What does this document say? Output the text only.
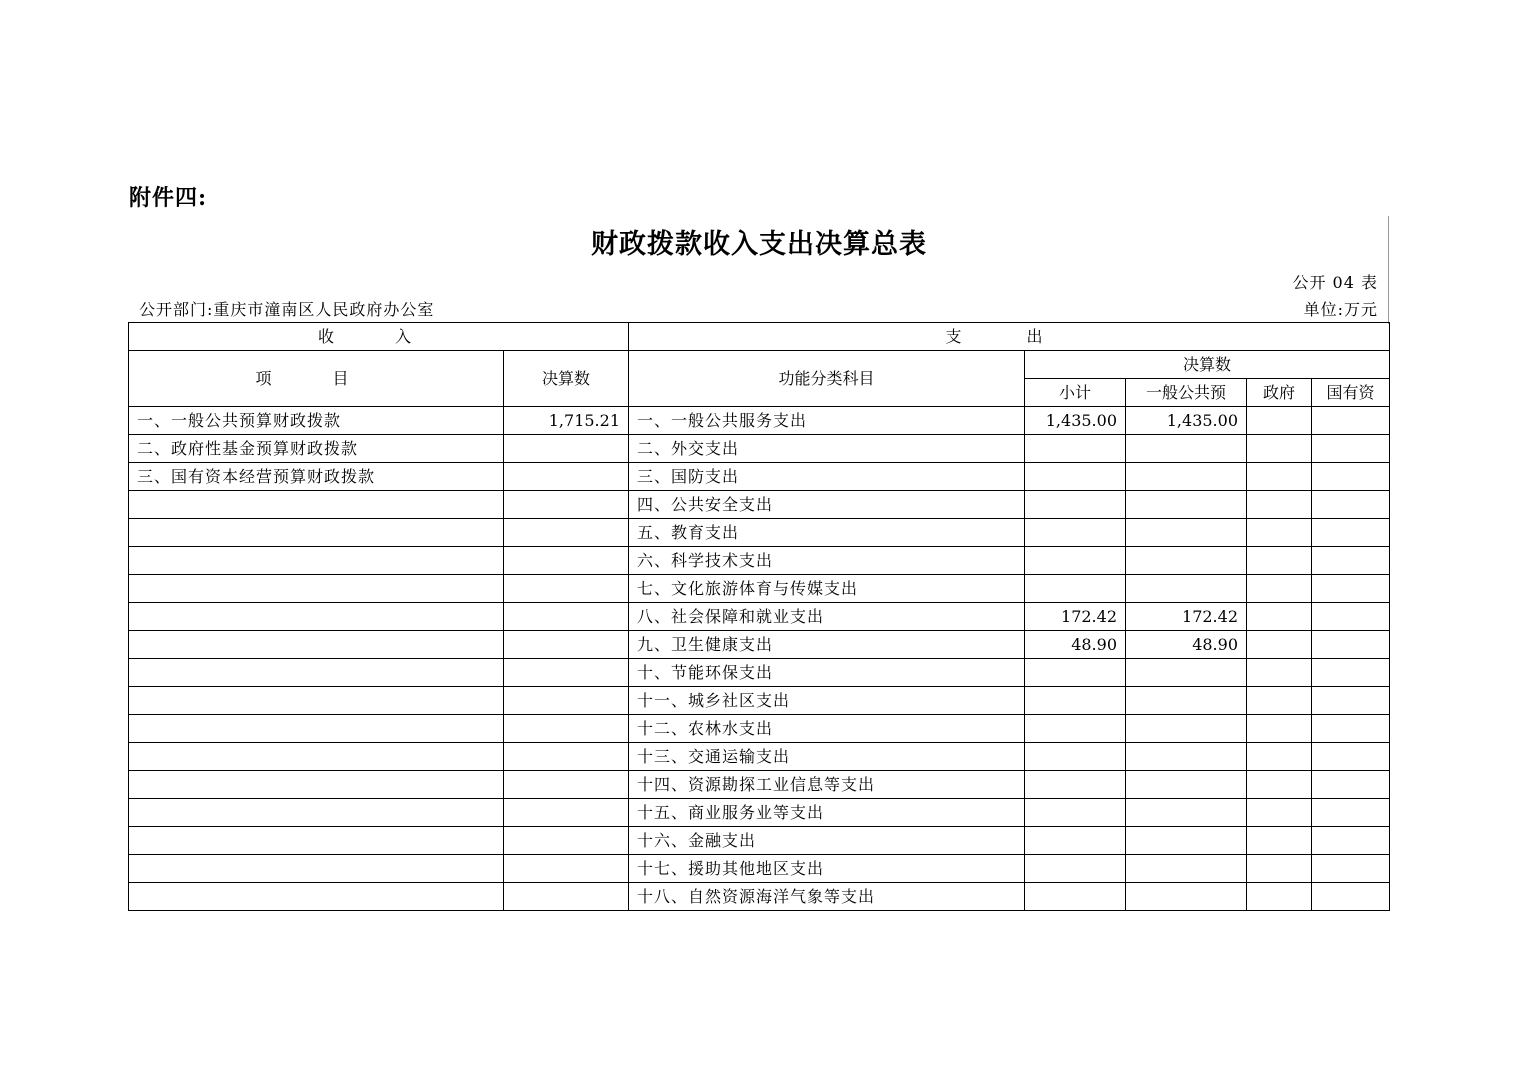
附件四:
财政拨款收入支出决算总表
公开 04 表
公开部门:重庆市潼南区人民政府办公室	单位:万元
收 入		支 出				
项 目	决算数	功能分类科目	决算数			
			小计	一般公共预	政府	国有资
一、一般公共预算财政拨款	1,715.21	一、一般公共服务支出	1,435.00	1,435.00		
二、政府性基金预算财政拨款		二、外交支出				
三、国有资本经营预算财政拨款		三、国防支出				
		四、公共安全支出				
		五、教育支出				
		六、科学技术支出				
		七、文化旅游体育与传媒支出				
		八、社会保障和就业支出	172.42	172.42		
		九、卫生健康支出	48.90	48.90		
		十、节能环保支出				
		十一、城乡社区支出				
		十二、农林水支出				
		十三、交通运输支出				
		十四、资源勘探工业信息等支出				
		十五、商业服务业等支出				
		十六、金融支出				
		十七、援助其他地区支出				
		十八、自然资源海洋气象等支出				
